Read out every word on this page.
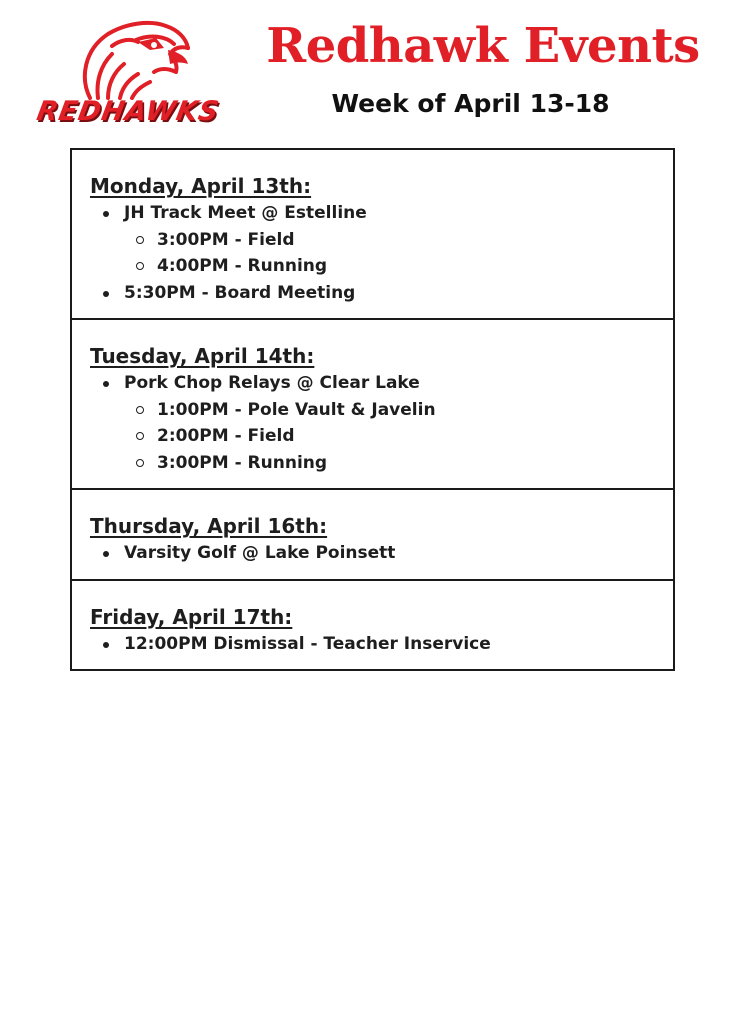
REDHAWKS
Redhawk Events
Week of April 13-18
Monday, April 13th:
JH Track Meet @ Estelline
3:00PM - Field
4:00PM - Running
5:30PM - Board Meeting
Tuesday, April 14th:
Pork Chop Relays @ Clear Lake
1:00PM - Pole Vault & Javelin
2:00PM - Field
3:00PM - Running
Thursday, April 16th:
Varsity Golf @ Lake Poinsett
Friday, April 17th:
12:00PM Dismissal - Teacher Inservice
